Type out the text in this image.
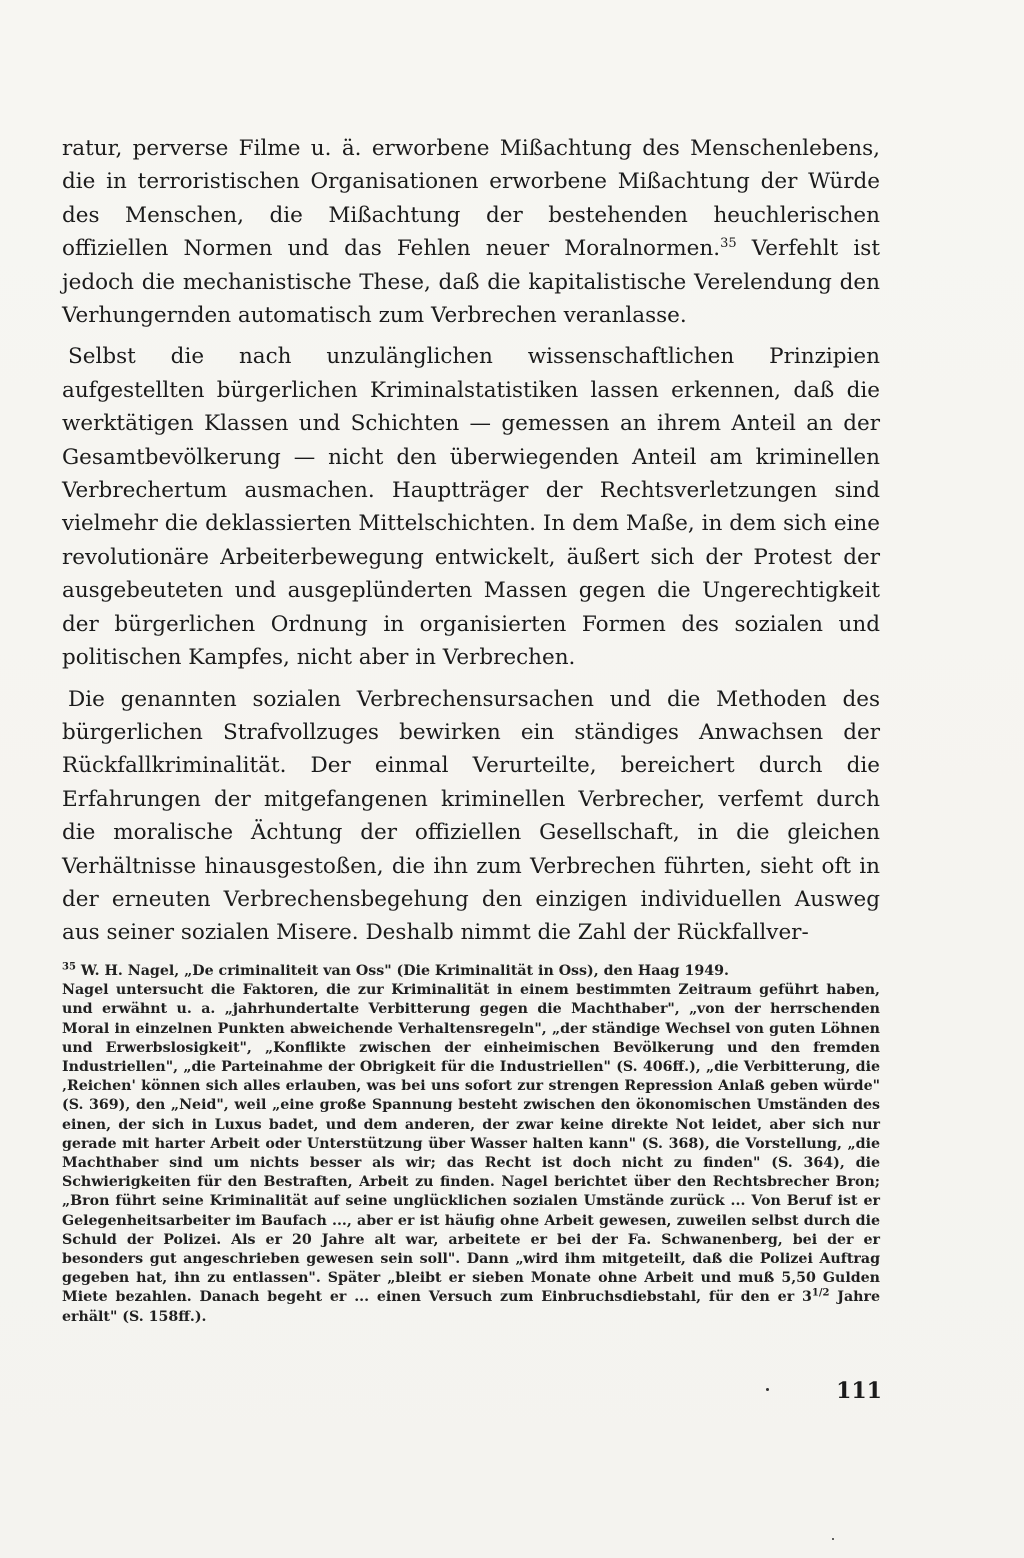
ratur, perverse Filme u. ä. erworbene Mißachtung des Menschenlebens, die in terroristischen Organisationen erworbene Mißachtung der Würde des Menschen, die Mißachtung der bestehenden heuchlerischen offiziellen Normen und das Fehlen neuer Moralnormen.$^{35}$ Verfehlt ist jedoch die mechanistische These, daß die kapitalistische Verelendung den Verhungernden automatisch zum Verbrechen veranlasse.

Selbst die nach unzulänglichen wissenschaftlichen Prinzipien aufgestellten bürgerlichen Kriminalstatistiken lassen erkennen, daß die werktätigen Klassen und Schichten — gemessen an ihrem Anteil an der Gesamtbevölkerung — nicht den überwiegenden Anteil am kriminellen Verbrechertum ausmachen. Hauptträger der Rechtsverletzungen sind vielmehr die deklassierten Mittelschichten. In dem Maße, in dem sich eine revolutionäre Arbeiterbewegung entwickelt, äußert sich der Protest der ausgebeuteten und ausgeplünderten Massen gegen die Ungerechtigkeit der bürgerlichen Ordnung in organisierten Formen des sozialen und politischen Kampfes, nicht aber in Verbrechen.

Die genannten sozialen Verbrechensursachen und die Methoden des bürgerlichen Strafvollzuges bewirken ein ständiges Anwachsen der Rückfallkriminalität. Der einmal Verurteilte, bereichert durch die Erfahrungen der mitgefangenen kriminellen Verbrecher, verfemt durch die moralische Ächtung der offiziellen Gesellschaft, in die gleichen Verhältnisse hinausgestoßen, die ihn zum Verbrechen führten, sieht oft in der erneuten Verbrechensbegehung den einzigen individuellen Ausweg aus seiner sozialen Misere. Deshalb nimmt die Zahl der Rückfallver-

$^{35}$ W. H. Nagel, „De criminaliteit van Oss" (Die Kriminalität in Oss), den Haag 1949.

Nagel untersucht die Faktoren, die zur Kriminalität in einem bestimmten Zeitraum geführt haben, und erwähnt u. a. „jahrhundertalte Verbitterung gegen die Machthaber", „von der herrschenden Moral in einzelnen Punkten abweichende Verhaltensregeln", „der ständige Wechsel von guten Löhnen und Erwerbslosigkeit", „Konflikte zwischen der einheimischen Bevölkerung und den fremden Industriellen", „die Parteinahme der Obrigkeit für die Industriellen" (S. 406ff.), „die Verbitterung, die ‚Reichen' können sich alles erlauben, was bei uns sofort zur strengen Repression Anlaß geben würde" (S. 369), den „Neid", weil „eine große Spannung besteht zwischen den ökonomischen Umständen des einen, der sich in Luxus badet, und dem anderen, der zwar keine direkte Not leidet, aber sich nur gerade mit harter Arbeit oder Unterstützung über Wasser halten kann" (S. 368), die Vorstellung, „die Machthaber sind um nichts besser als wir; das Recht ist doch nicht zu finden" (S. 364), die Schwierigkeiten für den Bestraften, Arbeit zu finden. Nagel berichtet über den Rechtsbrecher Bron; „Bron führt seine Kriminalität auf seine unglücklichen sozialen Umstände zurück ... Von Beruf ist er Gelegenheitsarbeiter im Baufach ..., aber er ist häufig ohne Arbeit gewesen, zuweilen selbst durch die Schuld der Polizei. Als er 20 Jahre alt war, arbeitete er bei der Fa. Schwanenberg, bei der er besonders gut angeschrieben gewesen sein soll". Dann „wird ihm mitgeteilt, daß die Polizei Auftrag gegeben hat, ihn zu entlassen". Später „bleibt er sieben Monate ohne Arbeit und muß 5,50 Gulden Miete bezahlen. Danach begeht er ... einen Versuch zum Einbruchsdiebstahl, für den er 3$^{1/2}$ Jahre erhält" (S. 158ff.).

111
